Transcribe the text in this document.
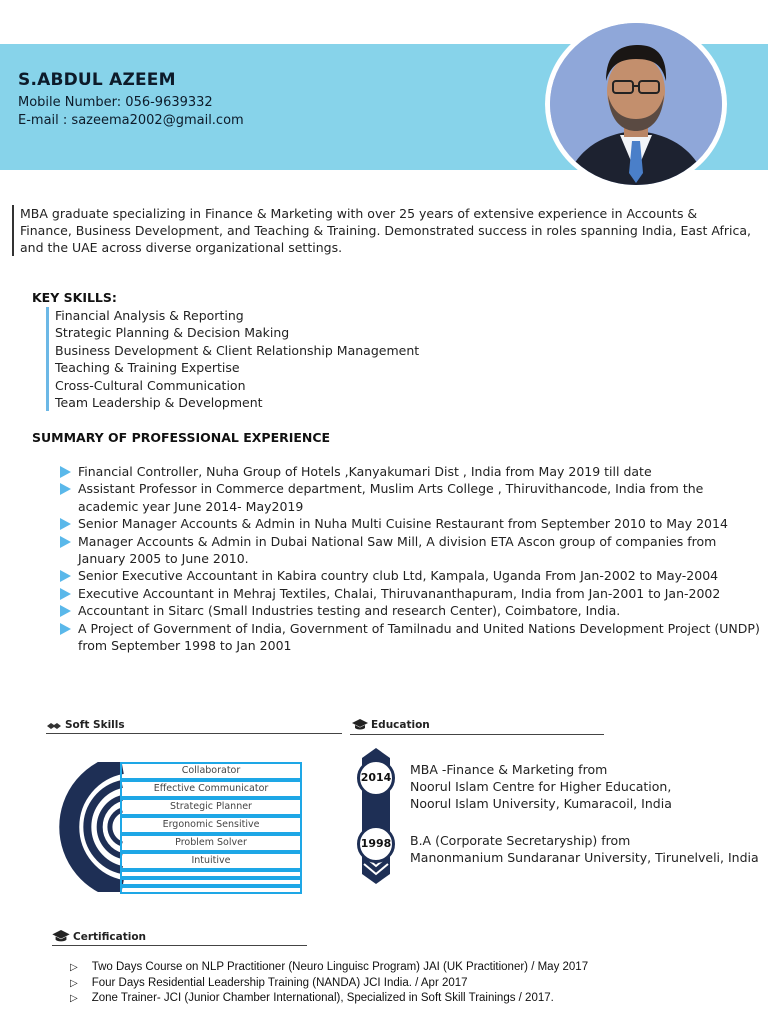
S.ABDUL AZEEM
Mobile Number: 056-9639332
E-mail : sazeema2002@gmail.com
MBA graduate specializing in Finance & Marketing with over 25 years of extensive experience in Accounts & Finance, Business Development, and Teaching & Training. Demonstrated success in roles spanning India, East Africa, and the UAE across diverse organizational settings.
KEY SKILLS:
Financial Analysis & Reporting
Strategic Planning & Decision Making
Business Development & Client Relationship Management
Teaching & Training Expertise
Cross-Cultural Communication
Team Leadership & Development
SUMMARY OF PROFESSIONAL EXPERIENCE
Financial Controller, Nuha Group of Hotels ,Kanyakumari Dist , India from May 2019 till date
Assistant Professor in Commerce department, Muslim Arts College , Thiruvithancode, India from the academic year June 2014- May2019
Senior Manager Accounts & Admin in Nuha Multi Cuisine Restaurant from September 2010 to May 2014
Manager Accounts & Admin in Dubai National Saw Mill, A division ETA Ascon group of companies from January 2005 to June 2010.
Senior Executive Accountant in Kabira country club Ltd, Kampala, Uganda From Jan-2002 to May-2004
Executive Accountant in Mehraj Textiles, Chalai, Thiruvananthapuram, India from Jan-2001 to Jan-2002
Accountant in Sitarc (Small Industries testing and research Center), Coimbatore, India.
A Project of Government of India, Government of Tamilnadu and United Nations Development Project (UNDP) from September 1998 to Jan 2001
Soft Skills
Collaborator
Effective Communicator
Strategic Planner
Ergonomic Sensitive
Problem Solver
Intuitive
Education
2014
1998
MBA -Finance & Marketing from
Noorul Islam Centre for Higher Education,
Noorul Islam University, Kumaracoil, India
B.A (Corporate Secretaryship) from
Manonmanium Sundaranar University, Tirunelveli, India
Certification
▷ Two Days Course on NLP Practitioner (Neuro Linguisc Program) JAI (UK Practitioner) / May 2017
▷ Four Days Residential Leadership Training (NANDA) JCI India. / Apr 2017
▷ Zone Trainer- JCI (Junior Chamber International), Specialized in Soft Skill Trainings / 2017.
